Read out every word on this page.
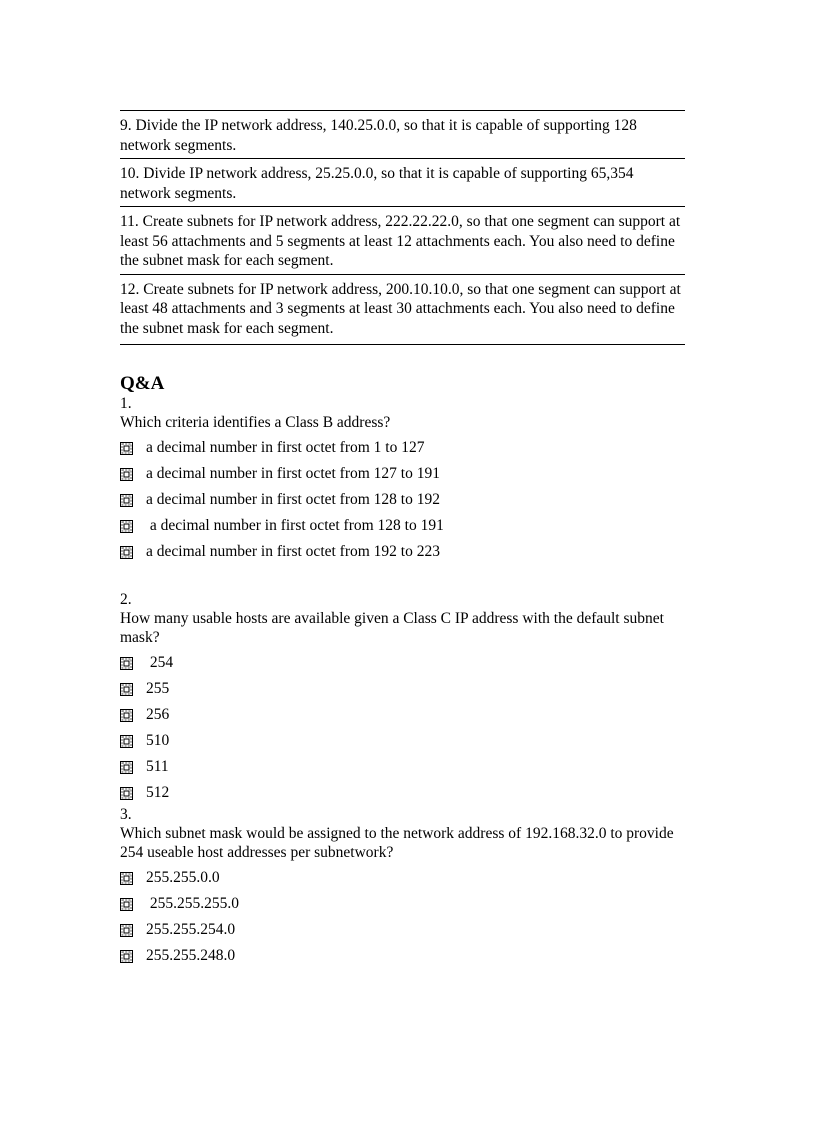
9. Divide the IP network address, 140.25.0.0, so that it is capable of supporting 128 network segments.

10. Divide IP network address, 25.25.0.0, so that it is capable of supporting 65,354 network segments.

11. Create subnets for IP network address, 222.22.22.0, so that one segment can support at least 56 attachments and 5 segments at least 12 attachments each. You also need to define the subnet mask for each segment.

12. Create subnets for IP network address, 200.10.10.0, so that one segment can support at least 48 attachments and 3 segments at least 30 attachments each. You also need to define the subnet mask for each segment.

Q&A

1.

Which criteria identifies a Class B address?

a decimal number in first octet from 1 to 127
a decimal number in first octet from 127 to 191
a decimal number in first octet from 128 to 192
a decimal number in first octet from 128 to 191
a decimal number in first octet from 192 to 223

2.

How many usable hosts are available given a Class C IP address with the default subnet mask?

254
255
256
510
511
512

3.

Which subnet mask would be assigned to the network address of 192.168.32.0 to provide 254 useable host addresses per subnetwork?

255.255.0.0
255.255.255.0
255.255.254.0
255.255.248.0
